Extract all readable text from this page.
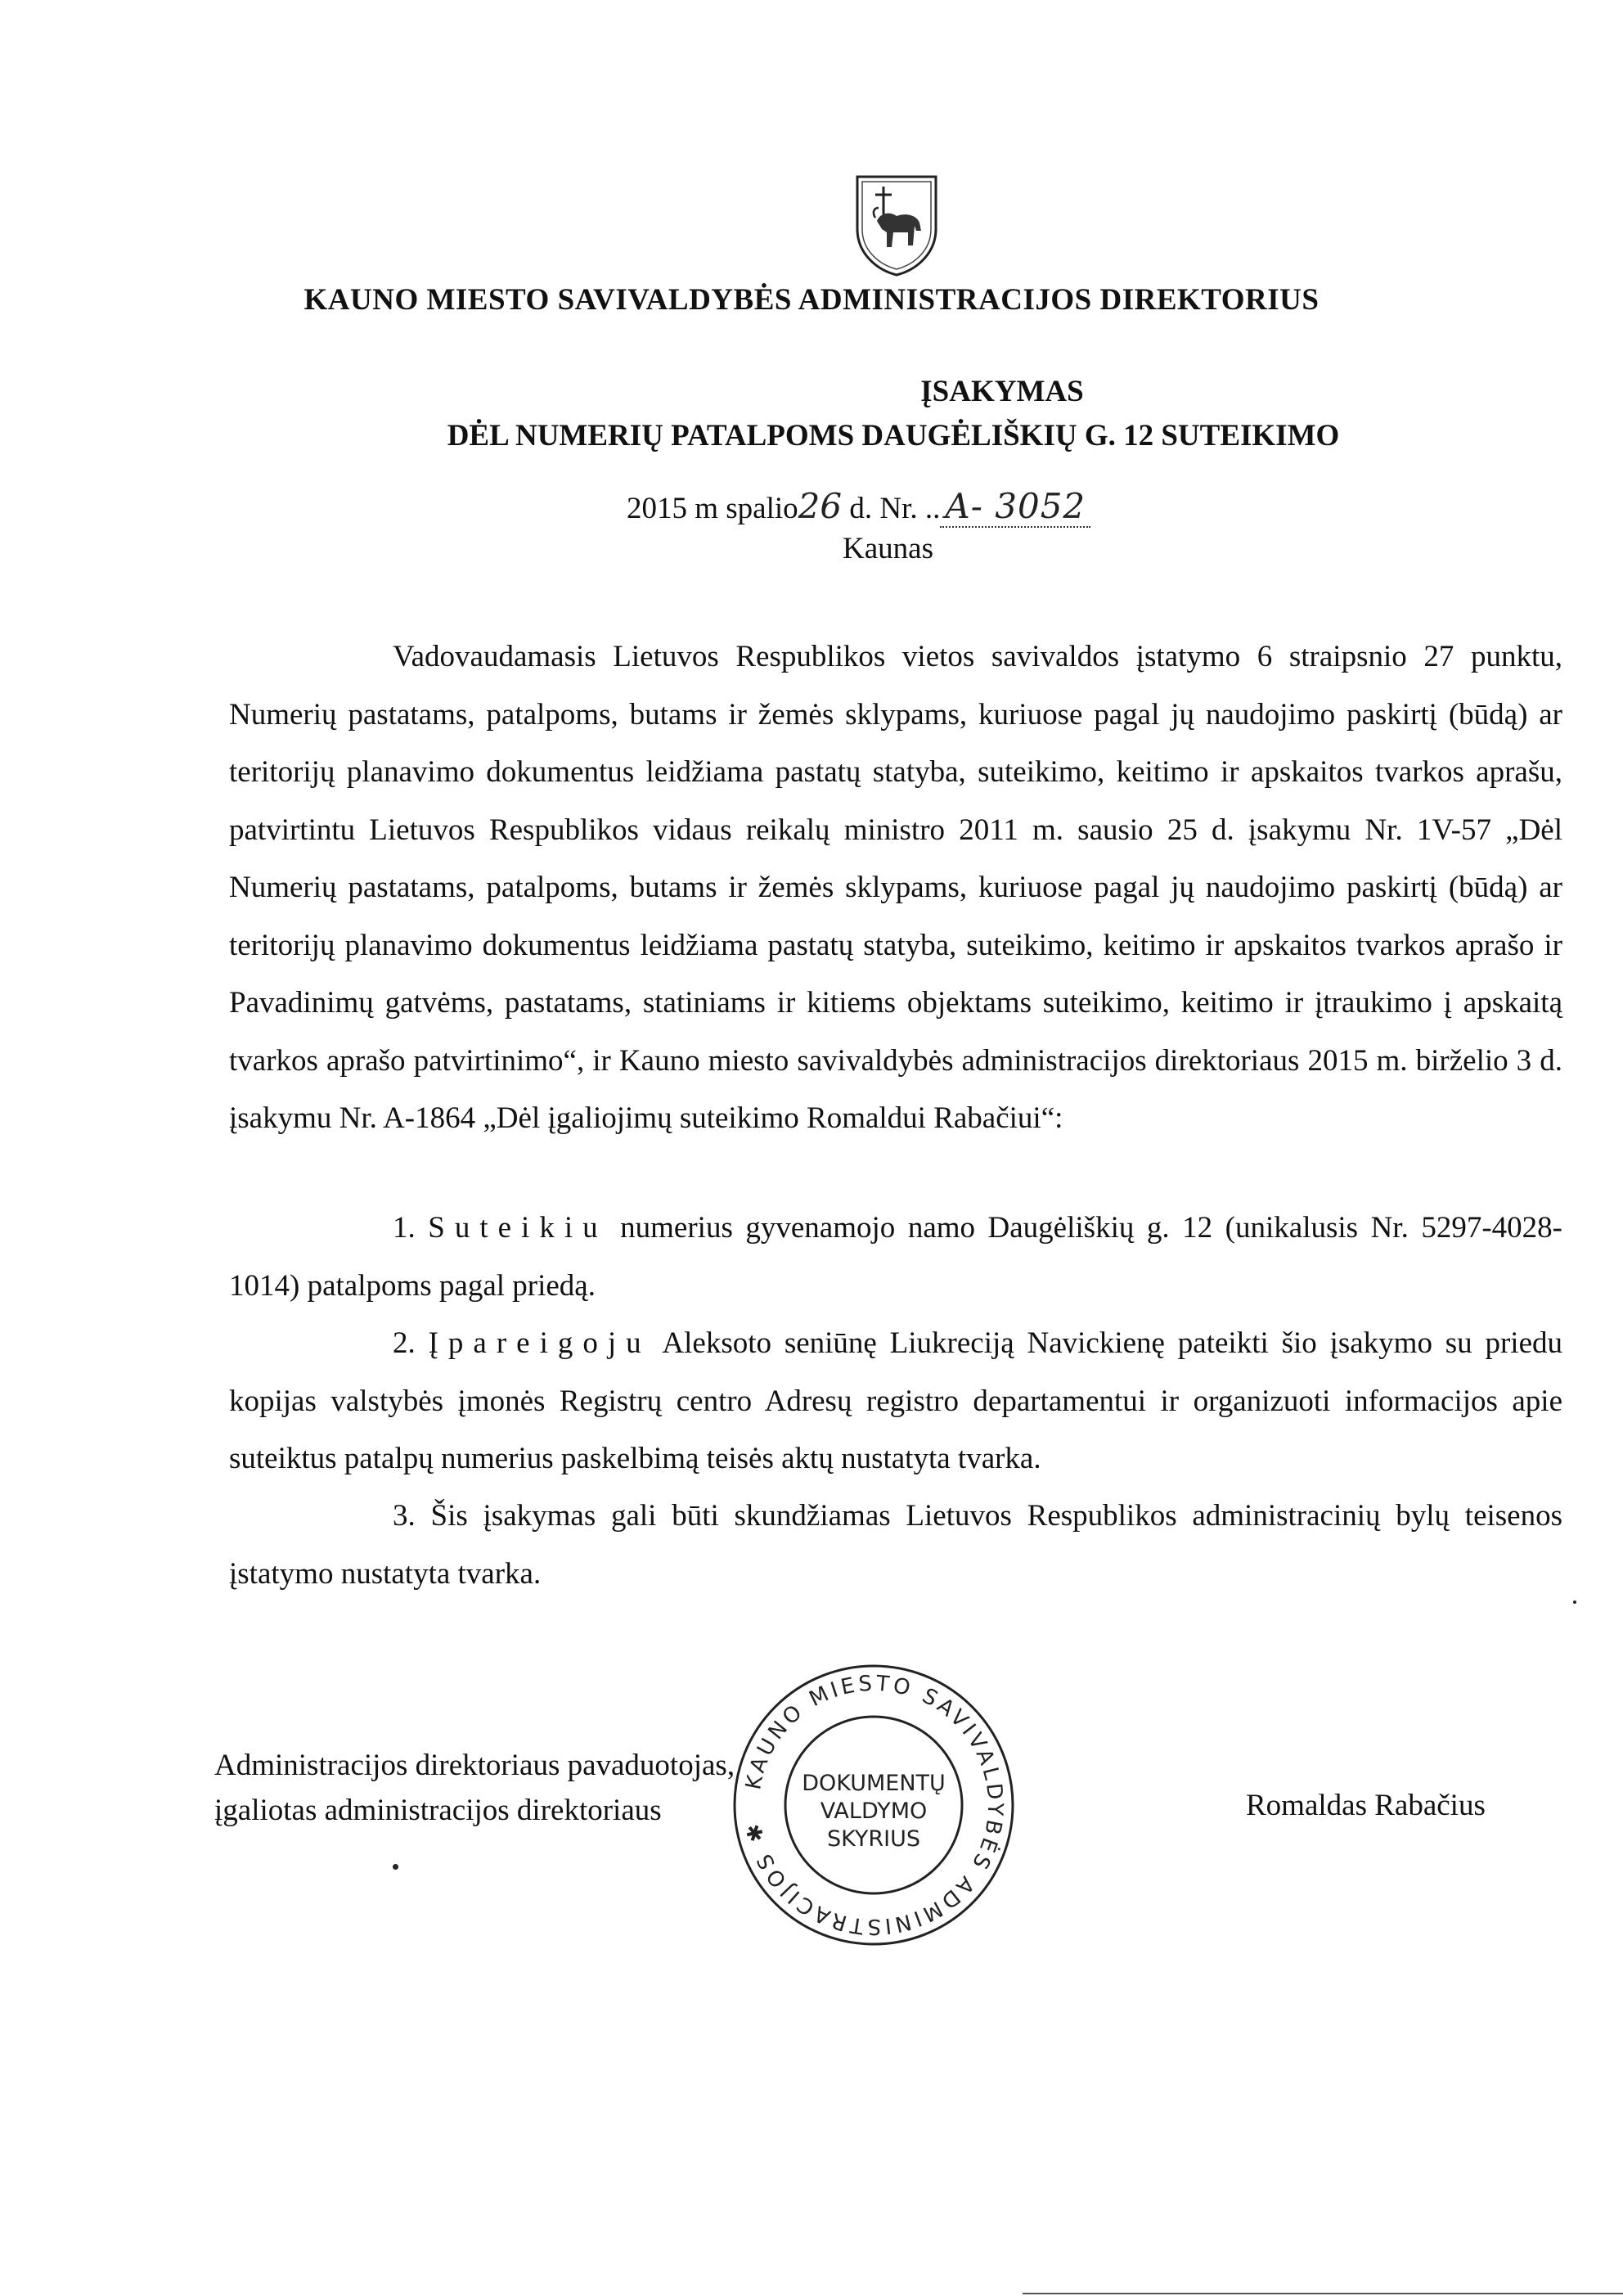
KAUNO MIESTO SAVIVALDYBĖS ADMINISTRACIJOS DIREKTORIUS
ĮSAKYMAS
DĖL NUMERIŲ PATALPOMS DAUGĖLIŠKIŲ G. 12 SUTEIKIMO
2015 m spalio26 d. Nr. .. A- 3052
Kaunas
Vadovaudamasis Lietuvos Respublikos vietos savivaldos įstatymo 6 straipsnio 27 punktu, Numerių pastatams, patalpoms, butams ir žemės sklypams, kuriuose pagal jų naudojimo paskirtį (būdą) ar teritorijų planavimo dokumentus leidžiama pastatų statyba, suteikimo, keitimo ir apskaitos tvarkos aprašu, patvirtintu Lietuvos Respublikos vidaus reikalų ministro 2011 m. sausio 25 d. įsakymu Nr. 1V-57 „Dėl Numerių pastatams, patalpoms, butams ir žemės sklypams, kuriuose pagal jų naudojimo paskirtį (būdą) ar teritorijų planavimo dokumentus leidžiama pastatų statyba, suteikimo, keitimo ir apskaitos tvarkos aprašo ir Pavadinimų gatvėms, pastatams, statiniams ir kitiems objektams suteikimo, keitimo ir įtraukimo į apskaitą tvarkos aprašo patvirtinimo“, ir Kauno miesto savivaldybės administracijos direktoriaus 2015 m. birželio 3 d. įsakymu Nr. A-1864 „Dėl įgaliojimų suteikimo Romaldui Rabačiui“:
1. Suteikiu numerius gyvenamojo namo Daugėliškių g. 12 (unikalusis Nr. 5297-4028-1014) patalpoms pagal priedą.
2. Įpareigoju Aleksoto seniūnę Liukreciją Navickienę pateikti šio įsakymo su priedu kopijas valstybės įmonės Registrų centro Adresų registro departamentui ir organizuoti informacijos apie suteiktus patalpų numerius paskelbimą teisės aktų nustatyta tvarka.
3. Šis įsakymas gali būti skundžiamas Lietuvos Respublikos administracinių bylų teisenos įstatymo nustatyta tvarka.
Administracijos direktoriaus pavaduotojas,
įgaliotas administracijos direktoriaus	Romaldas Rabačius
KAUNO MIESTO SAVIVALDYBĖS ADMINISTRACIJOS ✱
DOKUMENTŲ
VALDYMO
SKYRIUS
